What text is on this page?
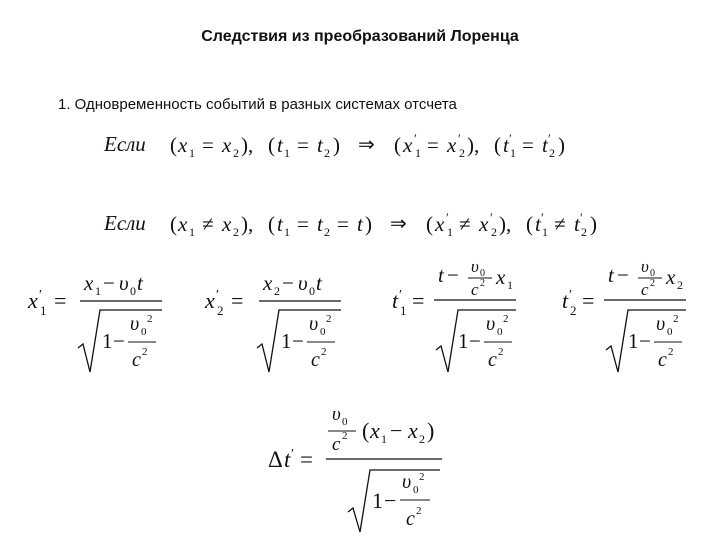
Следствия из преобразований Лоренца
1. Одновременность событий в разных системах отсчета
Если ( x 1 = x 2 ), ( t 1 = t 2 ) ⇒ ( x ′
1 = x ′
2 ), ( t ′
1 = t ′
2 )
Если ( x 1 ≠ x 2 ), ( t 1 = t 2 = t ) ⇒ ( x ′
1 ≠ x ′
2 ), ( t ′
1 ≠ t ′
2 )
x ′
1 =
x 1 − υ 0 t
1 −
υ 0
2
c 2
x ′
2 =
x 2 − υ 0 t
1 −
υ 0
2
c 2
t ′
1 =
t − υ 0
c 2 x 1
1 −
υ 0
2
c 2
t ′
2 =
t − υ 0
c 2 x 2
1 −
υ 0
2
c 2
Δ t ′ =
υ 0
c 2 ( x 1 − x 2 )
1 −
υ 0
2
c 2
